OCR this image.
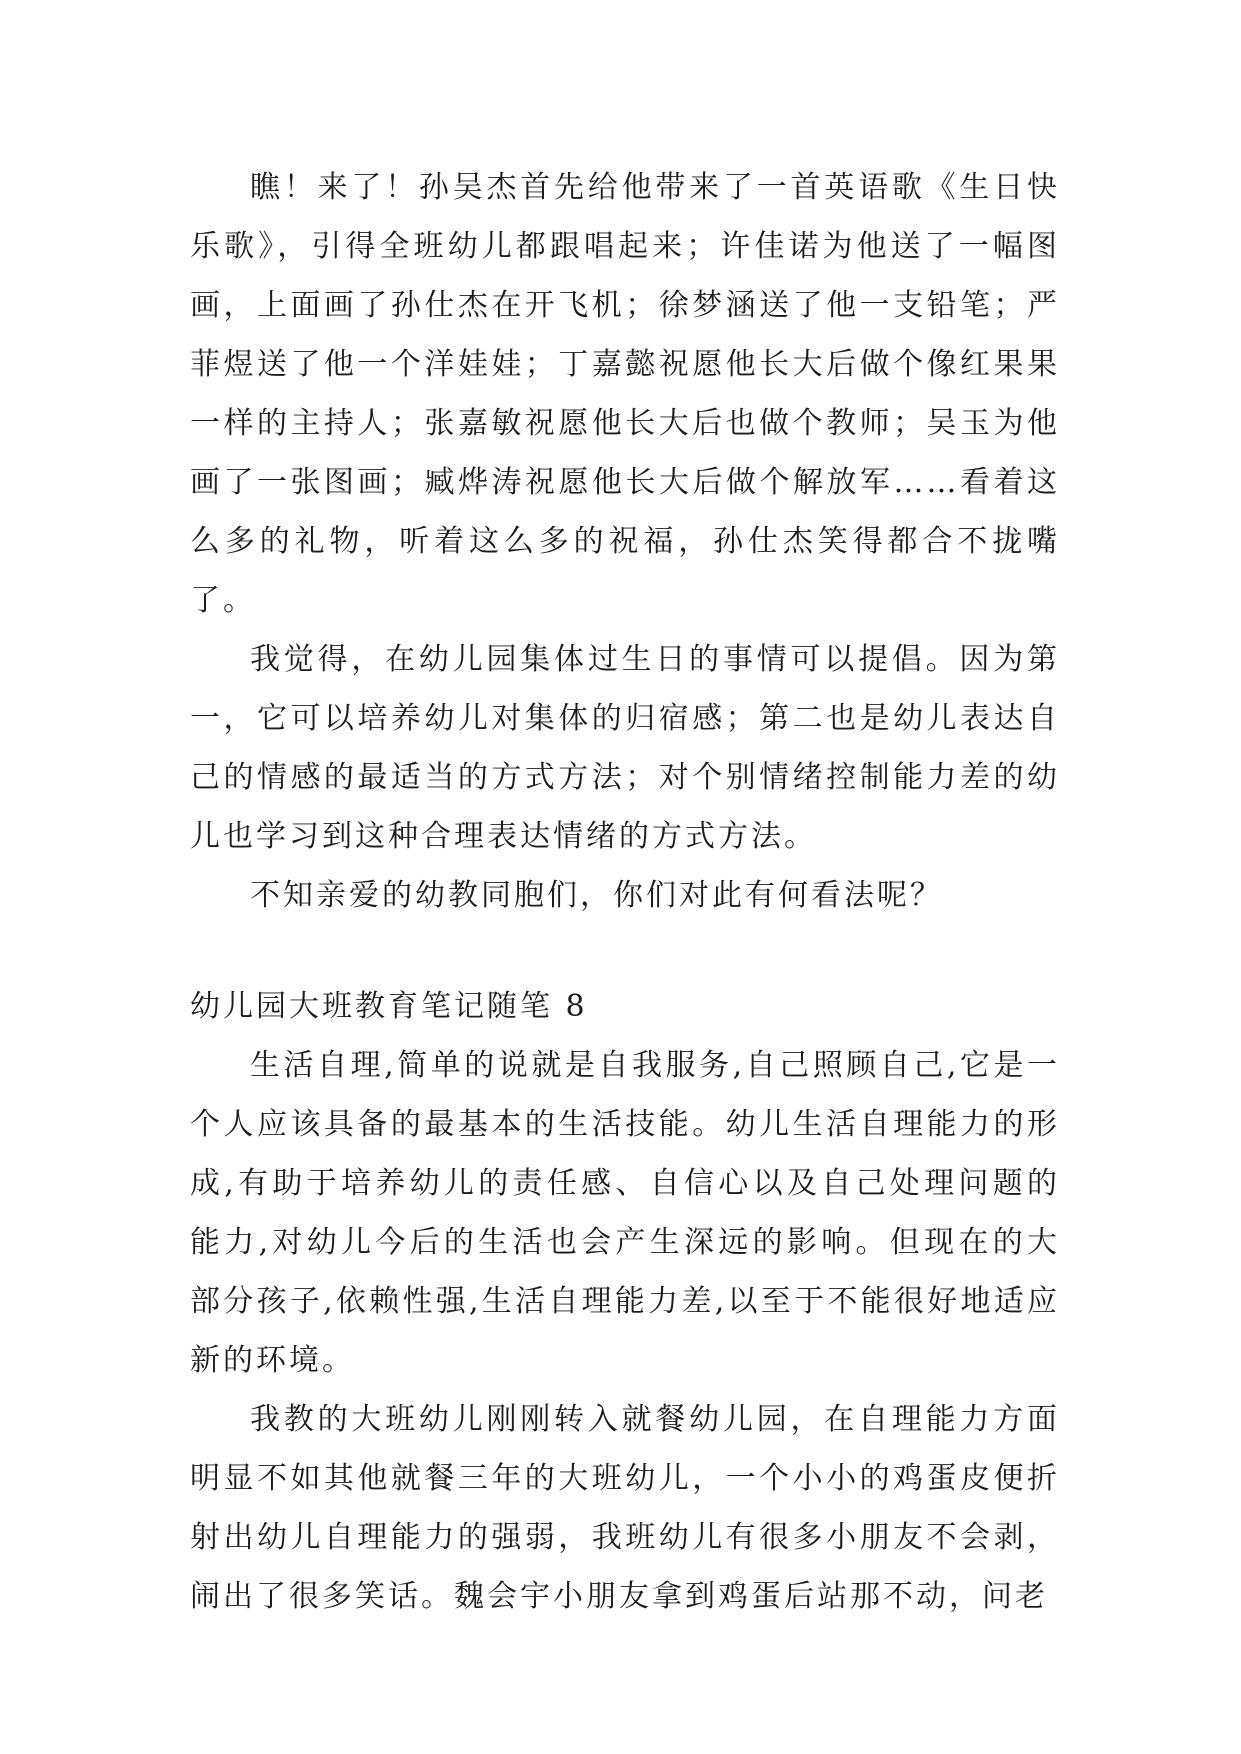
瞧！来了！孙吴杰首先给他带来了一首英语歌《生日快乐歌》，引得全班幼儿都跟唱起来；许佳诺为他送了一幅图画，上面画了孙仕杰在开飞机；徐梦涵送了他一支铅笔；严菲煜送了他一个洋娃娃；丁嘉懿祝愿他长大后做个像红果果一样的主持人；张嘉敏祝愿他长大后也做个教师；吴玉为他画了一张图画；臧烨涛祝愿他长大后做个解放军……看着这么多的礼物，听着这么多的祝福，孙仕杰笑得都合不拢嘴了。

我觉得，在幼儿园集体过生日的事情可以提倡。因为第一，它可以培养幼儿对集体的归宿感；第二也是幼儿表达自己的情感的最适当的方式方法；对个别情绪控制能力差的幼儿也学习到这种合理表达情绪的方式方法。

不知亲爱的幼教同胞们，你们对此有何看法呢？

幼儿园大班教育笔记随笔 8

生活自理,简单的说就是自我服务,自己照顾自己,它是一个人应该具备的最基本的生活技能。幼儿生活自理能力的形成,有助于培养幼儿的责任感、自信心以及自己处理问题的能力,对幼儿今后的生活也会产生深远的影响。但现在的大部分孩子,依赖性强,生活自理能力差,以至于不能很好地适应新的环境。

我教的大班幼儿刚刚转入就餐幼儿园，在自理能力方面明显不如其他就餐三年的大班幼儿，一个小小的鸡蛋皮便折射出幼儿自理能力的强弱，我班幼儿有很多小朋友不会剥，闹出了很多笑话。魏会宇小朋友拿到鸡蛋后站那不动，问老
